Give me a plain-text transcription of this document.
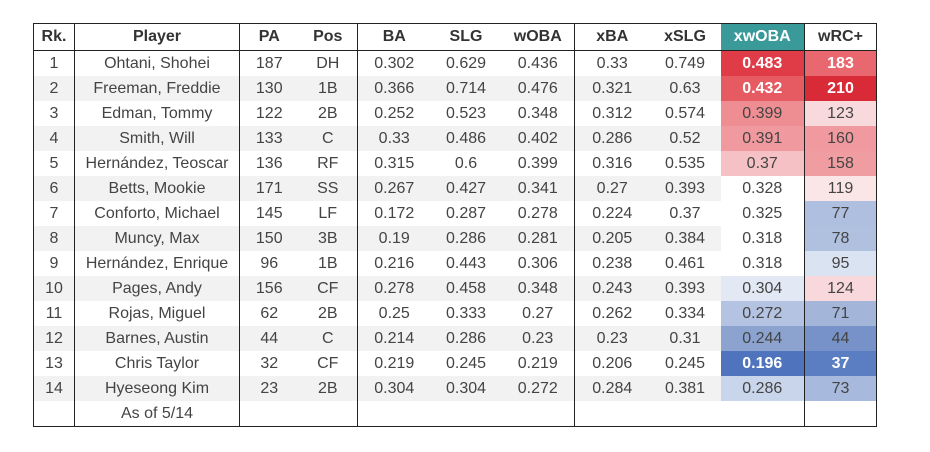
Rk.	Player	PA	Pos	BA	SLG	wOBA	xBA	xSLG	xwOBA	wRC+
1	Ohtani, Shohei	187	DH	0.302	0.629	0.436	0.33	0.749	0.483	183
2	Freeman, Freddie	130	1B	0.366	0.714	0.476	0.321	0.63	0.432	210
3	Edman, Tommy	122	2B	0.252	0.523	0.348	0.312	0.574	0.399	123
4	Smith, Will	133	C	0.33	0.486	0.402	0.286	0.52	0.391	160
5	Hernández, Teoscar	136	RF	0.315	0.6	0.399	0.316	0.535	0.37	158
6	Betts, Mookie	171	SS	0.267	0.427	0.341	0.27	0.393	0.328	119
7	Conforto, Michael	145	LF	0.172	0.287	0.278	0.224	0.37	0.325	77
8	Muncy, Max	150	3B	0.19	0.286	0.281	0.205	0.384	0.318	78
9	Hernández, Enrique	96	1B	0.216	0.443	0.306	0.238	0.461	0.318	95
10	Pages, Andy	156	CF	0.278	0.458	0.348	0.243	0.393	0.304	124
11	Rojas, Miguel	62	2B	0.25	0.333	0.27	0.262	0.334	0.272	71
12	Barnes, Austin	44	C	0.214	0.286	0.23	0.23	0.31	0.244	44
13	Chris Taylor	32	CF	0.219	0.245	0.219	0.206	0.245	0.196	37
14	Hyeseong Kim	23	2B	0.304	0.304	0.272	0.284	0.381	0.286	73
	As of 5/14									
